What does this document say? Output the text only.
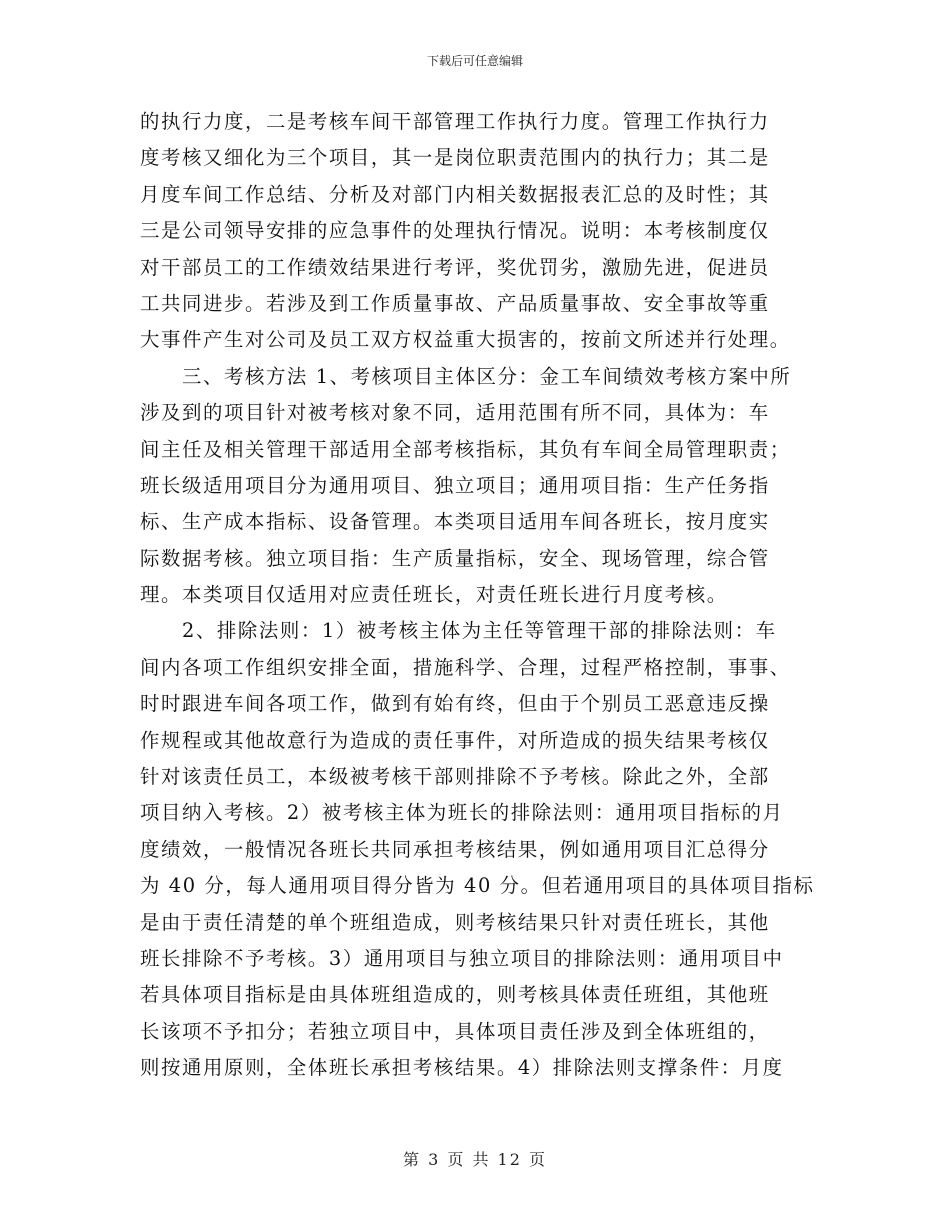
下载后可任意编辑
的执行力度，二是考核车间干部管理工作执行力度。管理工作执行力
度考核又细化为三个项目，其一是岗位职责范围内的执行力；其二是
月度车间工作总结、分析及对部门内相关数据报表汇总的及时性；其
三是公司领导安排的应急事件的处理执行情况。说明：本考核制度仅
对干部员工的工作绩效结果进行考评，奖优罚劣，激励先进，促进员
工共同进步。若涉及到工作质量事故、产品质量事故、安全事故等重
大事件产生对公司及员工双方权益重大损害的，按前文所述并行处理。
　　三、考核方法 1、考核项目主体区分：金工车间绩效考核方案中所
涉及到的项目针对被考核对象不同，适用范围有所不同，具体为：车
间主任及相关管理干部适用全部考核指标，其负有车间全局管理职责；
班长级适用项目分为通用项目、独立项目；通用项目指：生产任务指
标、生产成本指标、设备管理。本类项目适用车间各班长，按月度实
际数据考核。独立项目指：生产质量指标，安全、现场管理，综合管
理。本类项目仅适用对应责任班长，对责任班长进行月度考核。
　　2、排除法则：1）被考核主体为主任等管理干部的排除法则：车
间内各项工作组织安排全面，措施科学、合理，过程严格控制，事事、
时时跟进车间各项工作，做到有始有终，但由于个别员工恶意违反操
作规程或其他故意行为造成的责任事件，对所造成的损失结果考核仅
针对该责任员工，本级被考核干部则排除不予考核。除此之外，全部
项目纳入考核。2）被考核主体为班长的排除法则：通用项目指标的月
度绩效，一般情况各班长共同承担考核结果，例如通用项目汇总得分
为 40 分，每人通用项目得分皆为 40 分。但若通用项目的具体项目指标
是由于责任清楚的单个班组造成，则考核结果只针对责任班长，其他
班长排除不予考核。3）通用项目与独立项目的排除法则：通用项目中
若具体项目指标是由具体班组造成的，则考核具体责任班组，其他班
长该项不予扣分；若独立项目中，具体项目责任涉及到全体班组的，
则按通用原则，全体班长承担考核结果。4）排除法则支撑条件：月度
第 3 页 共 12 页
